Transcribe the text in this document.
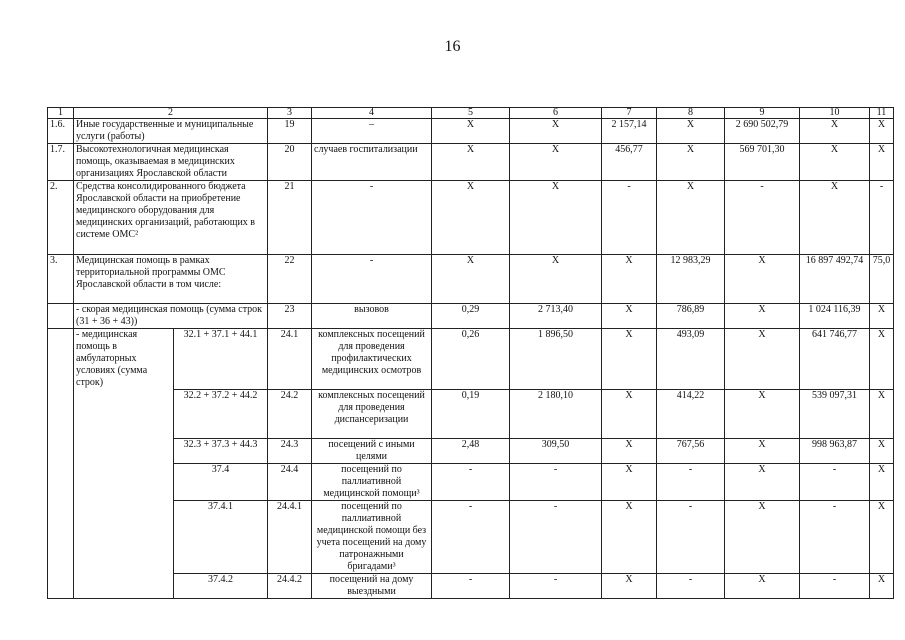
16
1	2		3	4	5	6	7	8	9	10	11
1.6.	Иные государственные и муниципальные услуги (работы)		19	–	X	X	2 157,14	X	2 690 502,79	X	X
1.7.	Высокотехнологичная медицинская помощь, оказываемая в медицинских организациях Ярославской области		20	случаев госпитализации	X	X	456,77	X	569 701,30	X	X
2.	Средства консолидированного бюджета Ярославской области на приобретение медицинского оборудования для медицинских организаций, работающих в системе ОМС²		21	-	X	X	-	X	-	X	-
3.	Медицинская помощь в рамках территориальной программы ОМС Ярославской области в том числе:		22	-	X	X	X	12 983,29	X	16 897 492,74	75,0
	- скорая медицинская помощь (сумма строк (31 + 36 + 43))		23	вызовов	0,29	2 713,40	X	786,89	X	1 024 116,39	X
	- медицинская помощь в амбулаторных условиях (сумма строк)	32.1 + 37.1 + 44.1	24.1	комплексных посещений для проведения профилактических медицинских осмотров	0,26	1 896,50	X	493,09	X	641 746,77	X
		32.2 + 37.2 + 44.2	24.2	комплексных посещений для проведения диспансеризации	0,19	2 180,10	X	414,22	X	539 097,31	X
		32.3 + 37.3 + 44.3	24.3	посещений с иными целями	2,48	309,50	X	767,56	X	998 963,87	X
		37.4	24.4	посещений по паллиативной медицинской помощи³	-	-	X	-	X	-	X
		37.4.1	24.4.1	посещений по паллиативной медицинской помощи без учета посещений на дому патронажными бригадами³	-	-	X	-	X	-	X
		37.4.2	24.4.2	посещений на дому выездными	-	-	X	-	X	-	X
